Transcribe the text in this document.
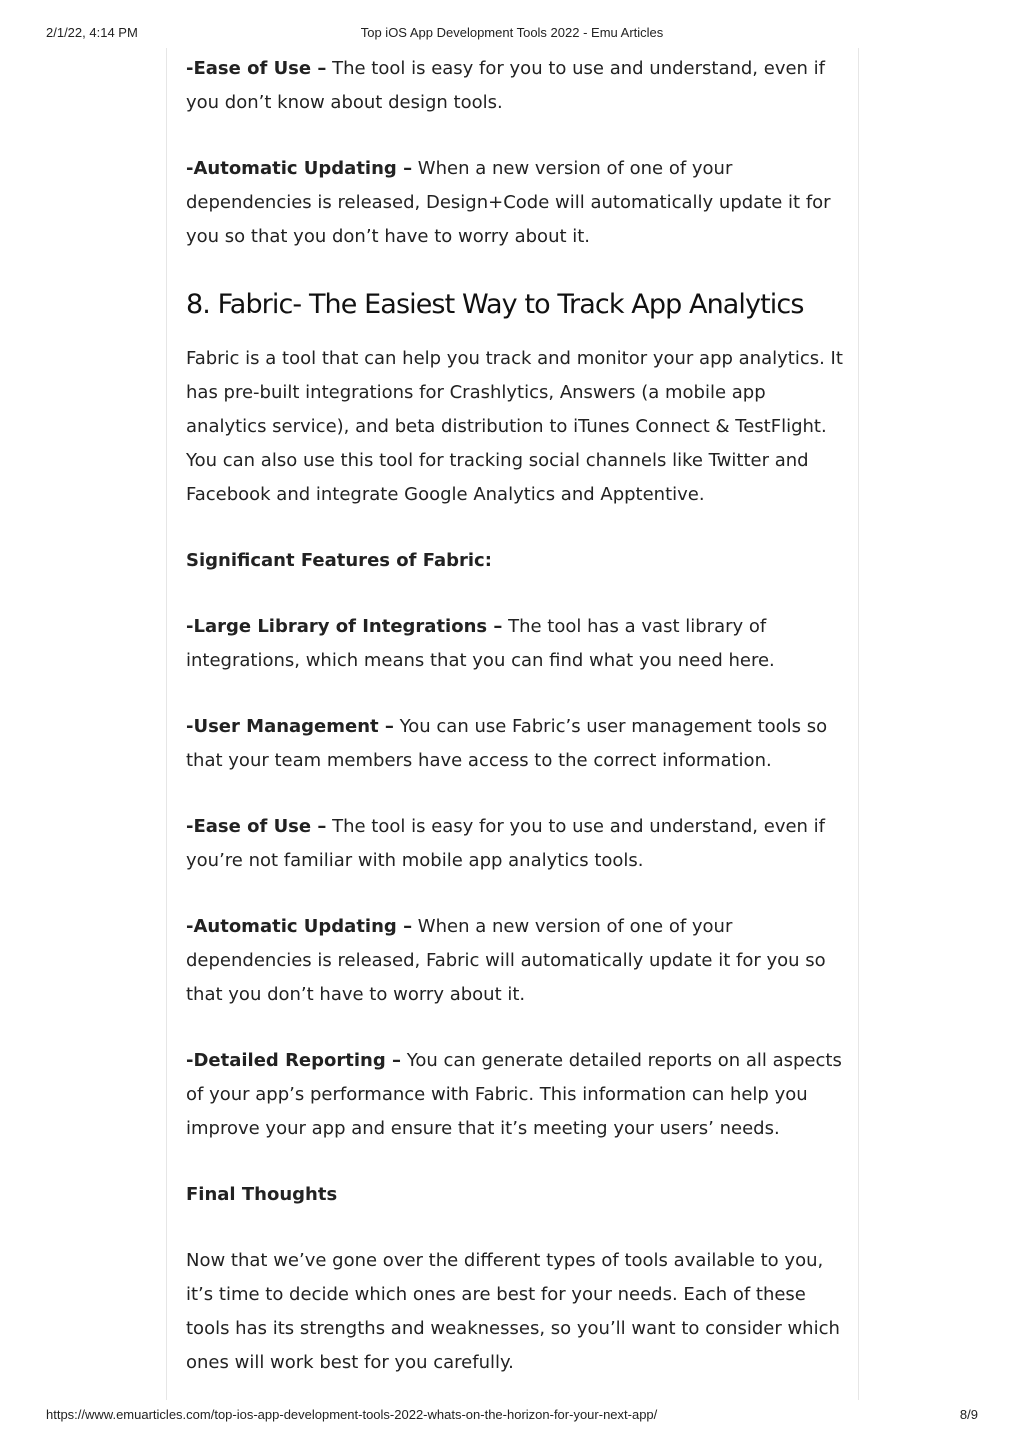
2/1/22, 4:14 PM	Top iOS App Development Tools 2022 - Emu Articles

-Ease of Use – The tool is easy for you to use and understand, even if you don’t know about design tools.

-Automatic Updating – When a new version of one of your dependencies is released, Design+Code will automatically update it for you so that you don’t have to worry about it.

8. Fabric- The Easiest Way to Track App Analytics

Fabric is a tool that can help you track and monitor your app analytics. It has pre-built integrations for Crashlytics, Answers (a mobile app analytics service), and beta distribution to iTunes Connect & TestFlight. You can also use this tool for tracking social channels like Twitter and Facebook and integrate Google Analytics and Apptentive.

Significant Features of Fabric:

-Large Library of Integrations – The tool has a vast library of integrations, which means that you can find what you need here.

-User Management – You can use Fabric’s user management tools so that your team members have access to the correct information.

-Ease of Use – The tool is easy for you to use and understand, even if you’re not familiar with mobile app analytics tools.

-Automatic Updating – When a new version of one of your dependencies is released, Fabric will automatically update it for you so that you don’t have to worry about it.

-Detailed Reporting – You can generate detailed reports on all aspects of your app’s performance with Fabric. This information can help you improve your app and ensure that it’s meeting your users’ needs.

Final Thoughts

Now that we’ve gone over the different types of tools available to you, it’s time to decide which ones are best for your needs. Each of these tools has its strengths and weaknesses, so you’ll want to consider which ones will work best for you carefully.

https://www.emuarticles.com/top-ios-app-development-tools-2022-whats-on-the-horizon-for-your-next-app/	8/9
